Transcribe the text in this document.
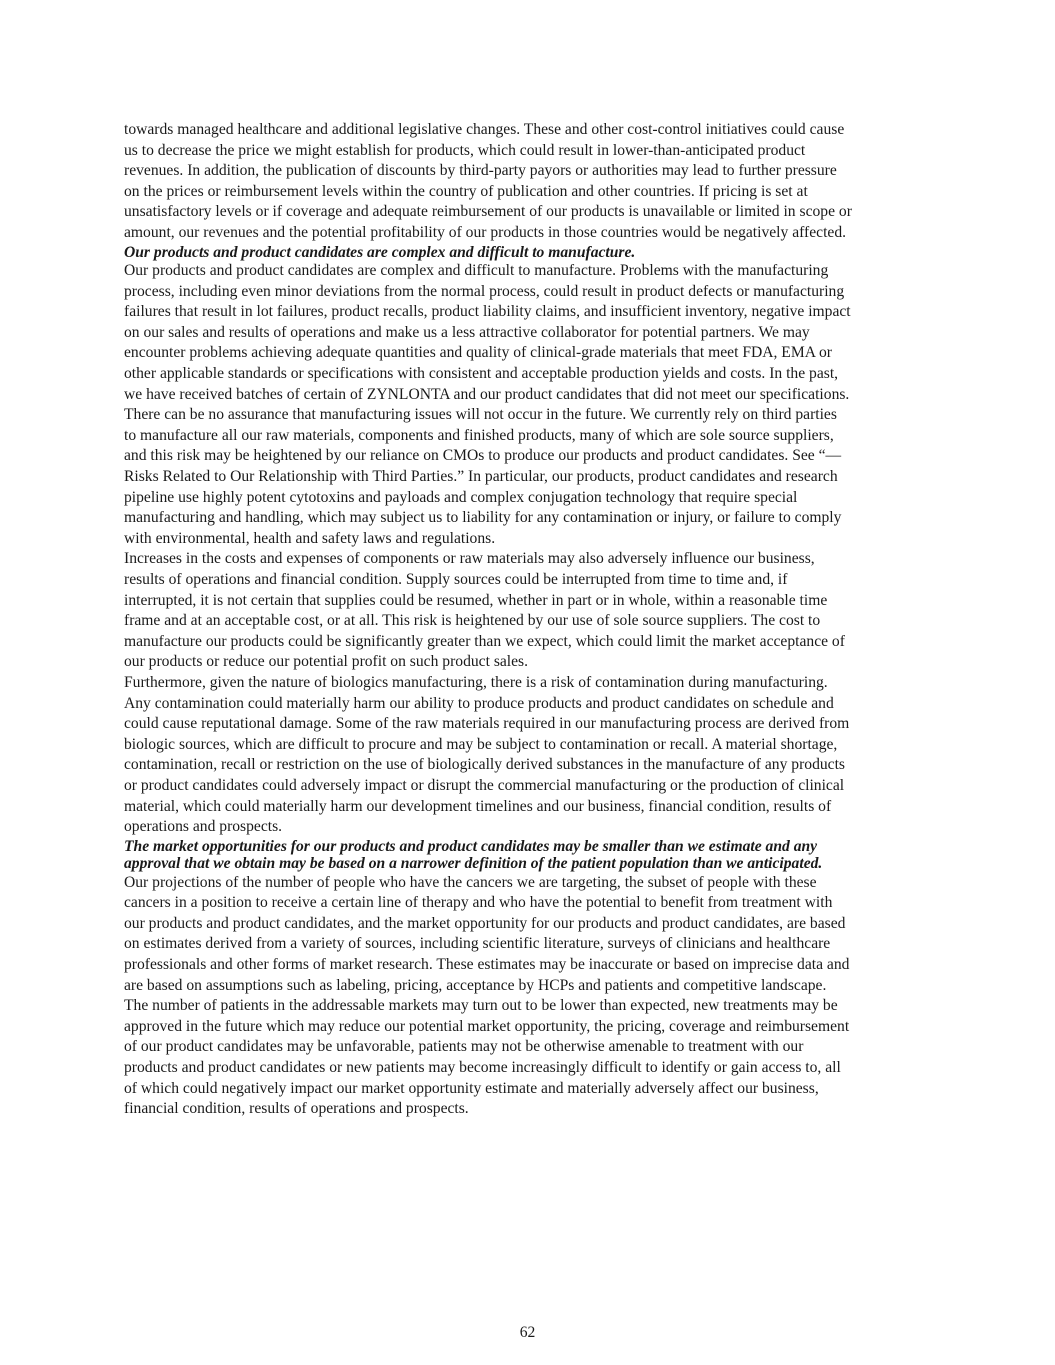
towards managed healthcare and additional legislative changes. These and other cost-control initiatives could cause
us to decrease the price we might establish for products, which could result in lower-than-anticipated product
revenues. In addition, the publication of discounts by third-party payors or authorities may lead to further pressure
on the prices or reimbursement levels within the country of publication and other countries. If pricing is set at
unsatisfactory levels or if coverage and adequate reimbursement of our products is unavailable or limited in scope or
amount, our revenues and the potential profitability of our products in those countries would be negatively affected.

Our products and product candidates are complex and difficult to manufacture.

Our products and product candidates are complex and difficult to manufacture. Problems with the manufacturing
process, including even minor deviations from the normal process, could result in product defects or manufacturing
failures that result in lot failures, product recalls, product liability claims, and insufficient inventory, negative impact
on our sales and results of operations and make us a less attractive collaborator for potential partners. We may
encounter problems achieving adequate quantities and quality of clinical-grade materials that meet FDA, EMA or
other applicable standards or specifications with consistent and acceptable production yields and costs. In the past,
we have received batches of certain of ZYNLONTA and our product candidates that did not meet our specifications.
There can be no assurance that manufacturing issues will not occur in the future. We currently rely on third parties
to manufacture all our raw materials, components and finished products, many of which are sole source suppliers,
and this risk may be heightened by our reliance on CMOs to produce our products and product candidates. See “—
Risks Related to Our Relationship with Third Parties.” In particular, our products, product candidates and research
pipeline use highly potent cytotoxins and payloads and complex conjugation technology that require special
manufacturing and handling, which may subject us to liability for any contamination or injury, or failure to comply
with environmental, health and safety laws and regulations.

Increases in the costs and expenses of components or raw materials may also adversely influence our business,
results of operations and financial condition. Supply sources could be interrupted from time to time and, if
interrupted, it is not certain that supplies could be resumed, whether in part or in whole, within a reasonable time
frame and at an acceptable cost, or at all. This risk is heightened by our use of sole source suppliers. The cost to
manufacture our products could be significantly greater than we expect, which could limit the market acceptance of
our products or reduce our potential profit on such product sales.

Furthermore, given the nature of biologics manufacturing, there is a risk of contamination during manufacturing.
Any contamination could materially harm our ability to produce products and product candidates on schedule and
could cause reputational damage. Some of the raw materials required in our manufacturing process are derived from
biologic sources, which are difficult to procure and may be subject to contamination or recall. A material shortage,
contamination, recall or restriction on the use of biologically derived substances in the manufacture of any products
or product candidates could adversely impact or disrupt the commercial manufacturing or the production of clinical
material, which could materially harm our development timelines and our business, financial condition, results of
operations and prospects.

The market opportunities for our products and product candidates may be smaller than we estimate and any
approval that we obtain may be based on a narrower definition of the patient population than we anticipated.

Our projections of the number of people who have the cancers we are targeting, the subset of people with these
cancers in a position to receive a certain line of therapy and who have the potential to benefit from treatment with
our products and product candidates, and the market opportunity for our products and product candidates, are based
on estimates derived from a variety of sources, including scientific literature, surveys of clinicians and healthcare
professionals and other forms of market research. These estimates may be inaccurate or based on imprecise data and
are based on assumptions such as labeling, pricing, acceptance by HCPs and patients and competitive landscape.
The number of patients in the addressable markets may turn out to be lower than expected, new treatments may be
approved in the future which may reduce our potential market opportunity, the pricing, coverage and reimbursement
of our product candidates may be unfavorable, patients may not be otherwise amenable to treatment with our
products and product candidates or new patients may become increasingly difficult to identify or gain access to, all
of which could negatively impact our market opportunity estimate and materially adversely affect our business,
financial condition, results of operations and prospects.

62
